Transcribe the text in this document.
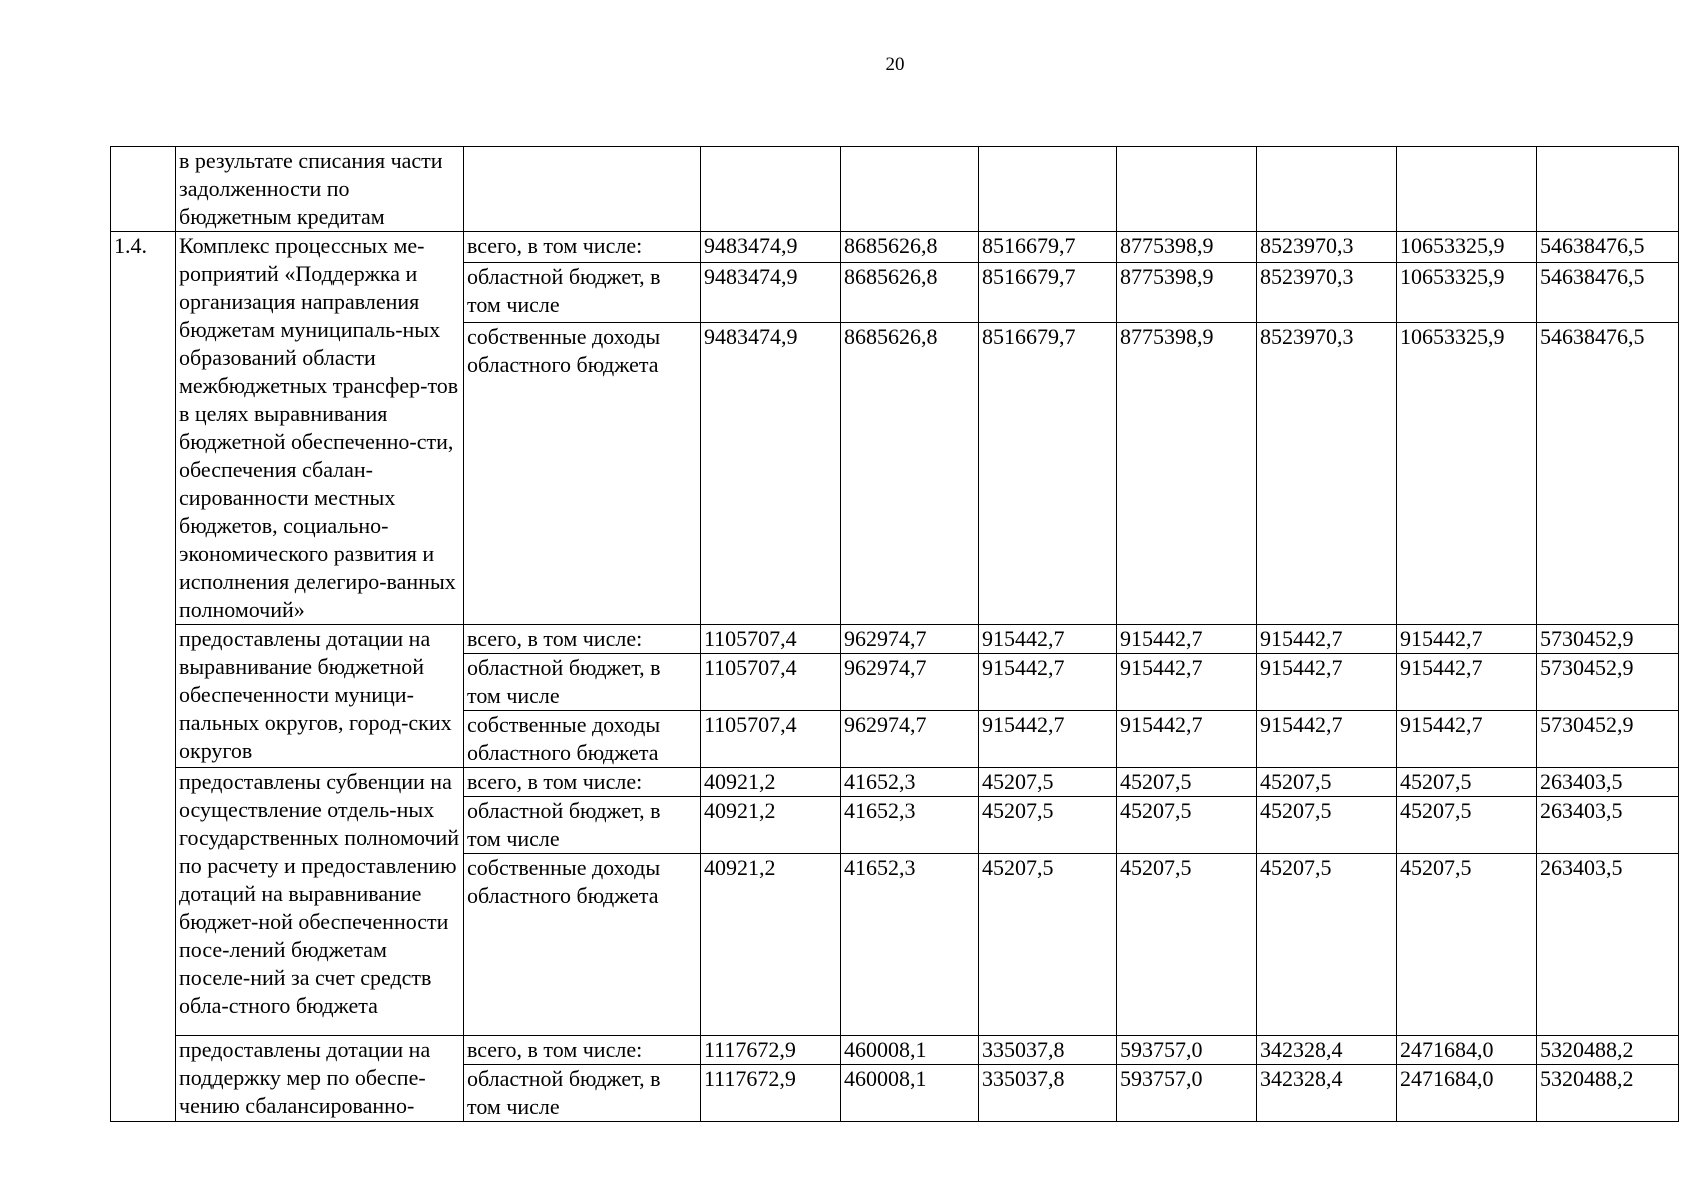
20
	в результате списания части задолженности по бюджетным кредитам								
1.4.	Комплекс процессных ме-роприятий «Поддержка и организация направления бюджетам муниципаль-ных образований области межбюджетных трансфер-тов в целях выравнивания бюджетной обеспеченно-сти, обеспечения сбалан-сированности местных бюджетов, социально-экономического развития и исполнения делегиро-ванных полномочий»	всего, в том числе:	9483474,9	8685626,8	8516679,7	8775398,9	8523970,3	10653325,9	54638476,5
		областной бюджет, в том числе	9483474,9	8685626,8	8516679,7	8775398,9	8523970,3	10653325,9	54638476,5
		собственные доходы областного бюджета	9483474,9	8685626,8	8516679,7	8775398,9	8523970,3	10653325,9	54638476,5
	предоставлены дотации на выравнивание бюджетной обеспеченности муници-пальных округов, город-ских округов	всего, в том числе:	1105707,4	962974,7	915442,7	915442,7	915442,7	915442,7	5730452,9
		областной бюджет, в том числе	1105707,4	962974,7	915442,7	915442,7	915442,7	915442,7	5730452,9
		собственные доходы областного бюджета	1105707,4	962974,7	915442,7	915442,7	915442,7	915442,7	5730452,9
	предоставлены субвенции на осуществление отдель-ных государственных полномочий по расчету и предоставлению дотаций на выравнивание бюджет-ной обеспеченности посе-лений бюджетам поселе-ний за счет средств обла-стного бюджета	всего, в том числе:	40921,2	41652,3	45207,5	45207,5	45207,5	45207,5	263403,5
		областной бюджет, в том числе	40921,2	41652,3	45207,5	45207,5	45207,5	45207,5	263403,5
		собственные доходы областного бюджета	40921,2	41652,3	45207,5	45207,5	45207,5	45207,5	263403,5
	предоставлены дотации на поддержку мер по обеспе-чению сбалансированно-	всего, в том числе:	1117672,9	460008,1	335037,8	593757,0	342328,4	2471684,0	5320488,2
		областной бюджет, в том числе	1117672,9	460008,1	335037,8	593757,0	342328,4	2471684,0	5320488,2
